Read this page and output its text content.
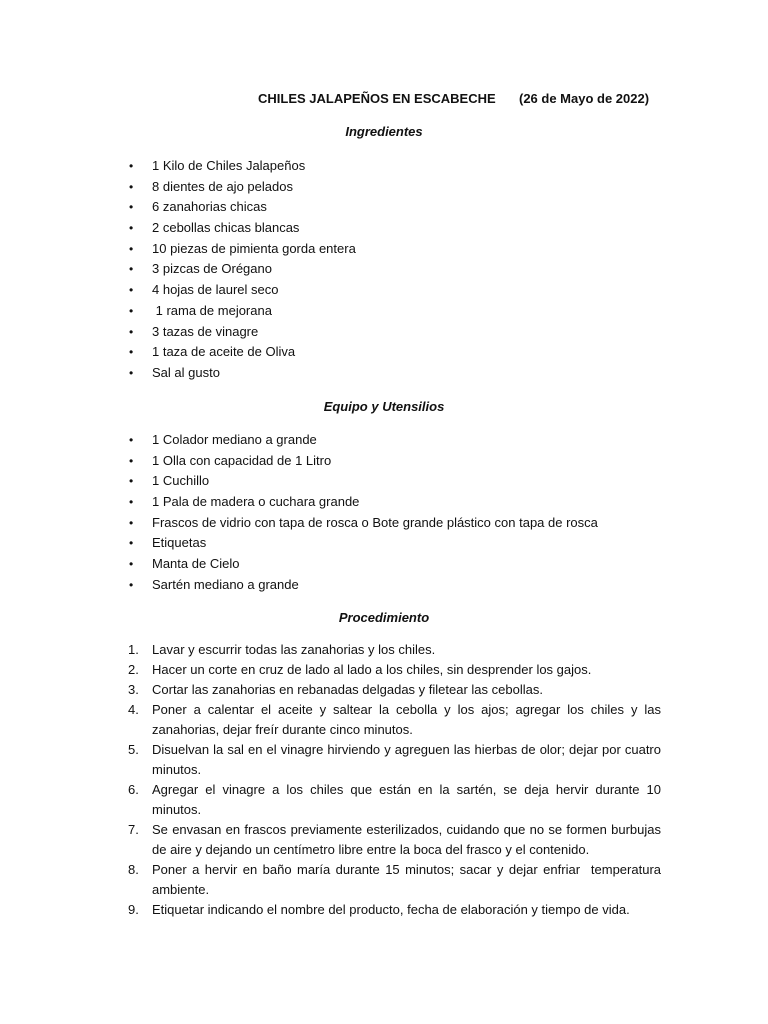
CHILES JALAPEÑOS EN ESCABECHE (26 de Mayo de 2022)
Ingredientes
• 1 Kilo de Chiles Jalapeños
• 8 dientes de ajo pelados
• 6 zanahorias chicas
• 2 cebollas chicas blancas
• 10 piezas de pimienta gorda entera
• 3 pizcas de Orégano
• 4 hojas de laurel seco
• 1 rama de mejorana
• 3 tazas de vinagre
• 1 taza de aceite de Oliva
• Sal al gusto
Equipo y Utensilios
• 1 Colador mediano a grande
• 1 Olla con capacidad de 1 Litro
• 1 Cuchillo
• 1 Pala de madera o cuchara grande
• Frascos de vidrio con tapa de rosca o Bote grande plástico con tapa de rosca
• Etiquetas
• Manta de Cielo
• Sartén mediano a grande
Procedimiento
1. Lavar y escurrir todas las zanahorias y los chiles.
2. Hacer un corte en cruz de lado al lado a los chiles, sin desprender los gajos.
3. Cortar las zanahorias en rebanadas delgadas y filetear las cebollas.
4. Poner a calentar el aceite y saltear la cebolla y los ajos; agregar los chiles y las zanahorias, dejar freír durante cinco minutos.
5. Disuelvan la sal en el vinagre hirviendo y agreguen las hierbas de olor; dejar por cuatro minutos.
6. Agregar el vinagre a los chiles que están en la sartén, se deja hervir durante 10 minutos.
7. Se envasan en frascos previamente esterilizados, cuidando que no se formen burbujas de aire y dejando un centímetro libre entre la boca del frasco y el contenido.
8. Poner a hervir en baño maría durante 15 minutos; sacar y dejar enfriar  temperatura ambiente.
9. Etiquetar indicando el nombre del producto, fecha de elaboración y tiempo de vida.
